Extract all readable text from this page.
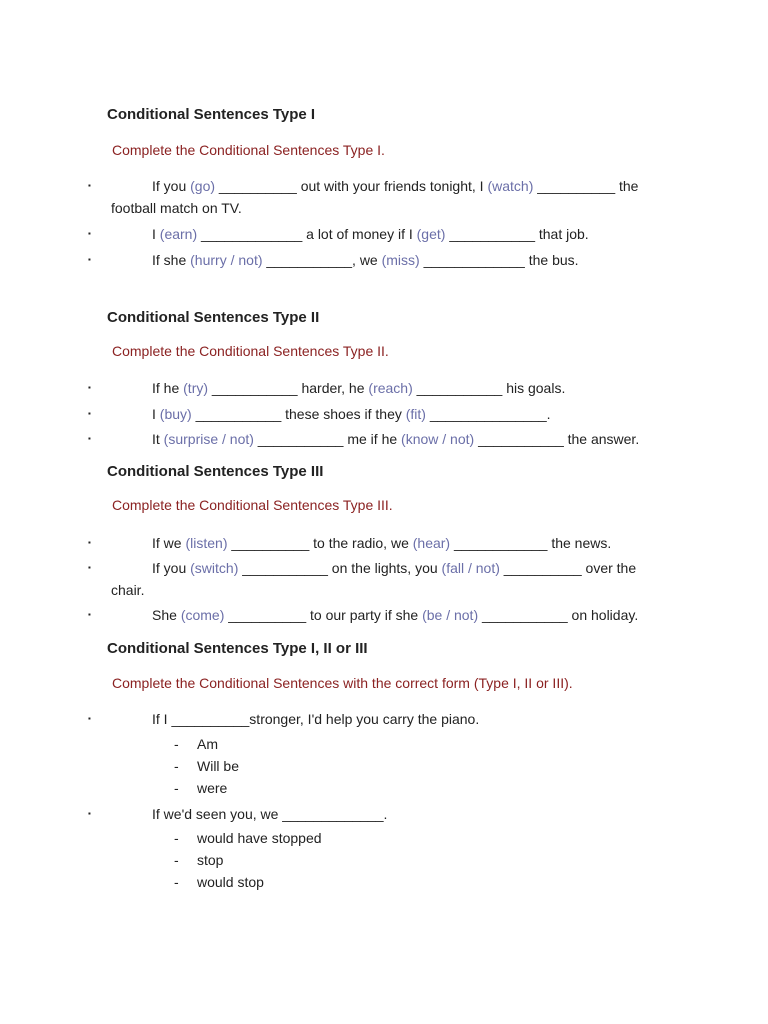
Conditional Sentences Type I
Complete the Conditional Sentences Type I.
▪	If you (go) __________ out with your friends tonight, I (watch) __________ the
football match on TV.
▪	I (earn) _____________ a lot of money if I (get) ___________ that job.
▪	If she (hurry / not) ___________, we (miss) _____________ the bus.
Conditional Sentences Type II
Complete the Conditional Sentences Type II.
▪	If he (try) ___________ harder, he (reach) ___________ his goals.
▪	I (buy) ___________ these shoes if they (fit) _______________.
▪	It (surprise / not) ___________ me if he (know / not) ___________ the answer.
Conditional Sentences Type III
Complete the Conditional Sentences Type III.
▪	If we (listen) __________ to the radio, we (hear) ____________ the news.
▪	If you (switch) ___________ on the lights, you (fall / not) __________ over the
chair.
▪	She (come) __________ to our party if she (be / not) ___________ on holiday.
Conditional Sentences Type I, II or III
Complete the Conditional Sentences with the correct form (Type I, II or III).
▪	If I __________stronger, I'd help you carry the piano.
- Am
- Will be
- were
▪	If we'd seen you, we _____________.
- would have stopped
- stop
- would stop
